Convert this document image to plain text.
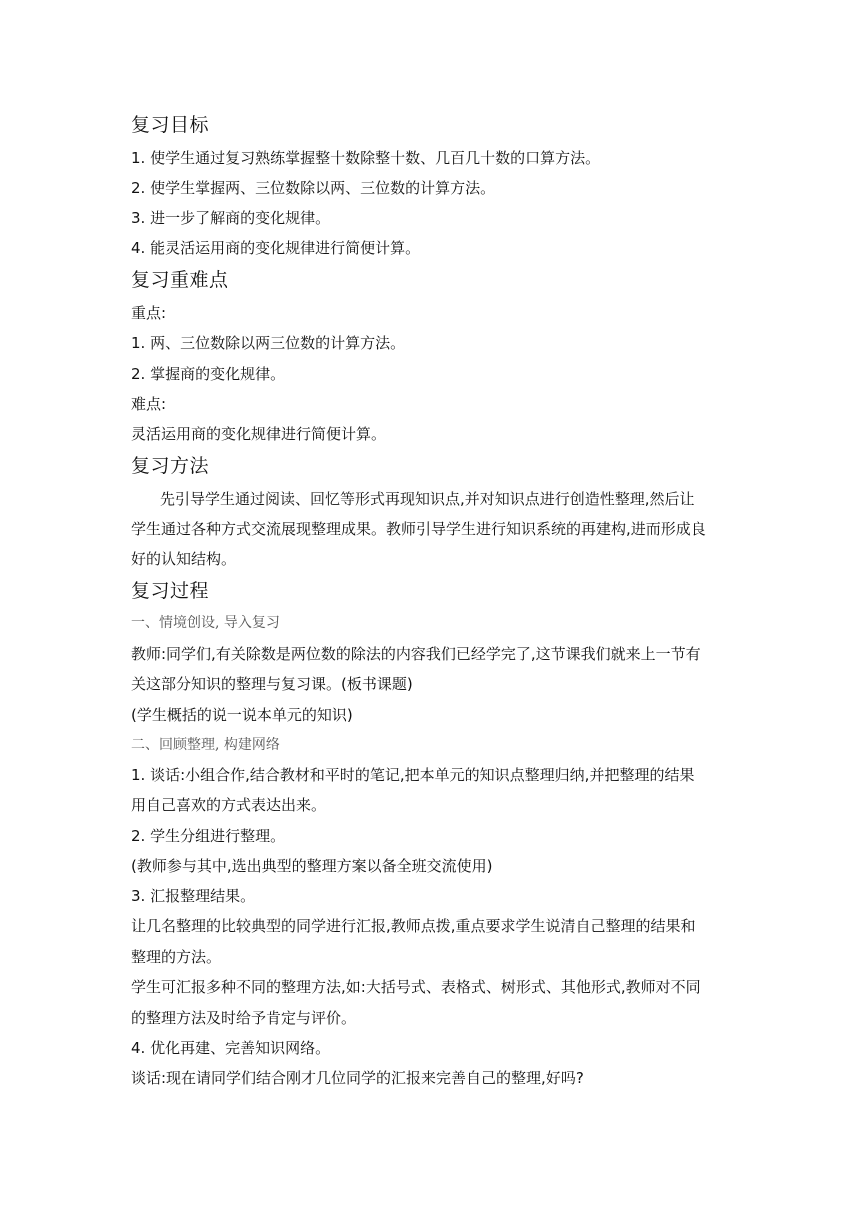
复习目标
1. 使学生通过复习熟练掌握整十数除整十数、几百几十数的口算方法。
2. 使学生掌握两、三位数除以两、三位数的计算方法。
3. 进一步了解商的变化规律。
4. 能灵活运用商的变化规律进行简便计算。
复习重难点
重点:
1. 两、三位数除以两三位数的计算方法。
2. 掌握商的变化规律。
难点:
灵活运用商的变化规律进行简便计算。
复习方法
先引导学生通过阅读、回忆等形式再现知识点,并对知识点进行创造性整理,然后让
学生通过各种方式交流展现整理成果。教师引导学生进行知识系统的再建构,进而形成良
好的认知结构。
复习过程
一、情境创设, 导入复习
教师:同学们,有关除数是两位数的除法的内容我们已经学完了,这节课我们就来上一节有
关这部分知识的整理与复习课。(板书课题)
(学生概括的说一说本单元的知识)
二、回顾整理, 构建网络
1. 谈话:小组合作,结合教材和平时的笔记,把本单元的知识点整理归纳,并把整理的结果
用自己喜欢的方式表达出来。
2. 学生分组进行整理。
(教师参与其中,选出典型的整理方案以备全班交流使用)
3. 汇报整理结果。
让几名整理的比较典型的同学进行汇报,教师点拨,重点要求学生说清自己整理的结果和
整理的方法。
学生可汇报多种不同的整理方法,如:大括号式、表格式、树形式、其他形式,教师对不同
的整理方法及时给予肯定与评价。
4. 优化再建、完善知识网络。
谈话:现在请同学们结合刚才几位同学的汇报来完善自己的整理,好吗?
